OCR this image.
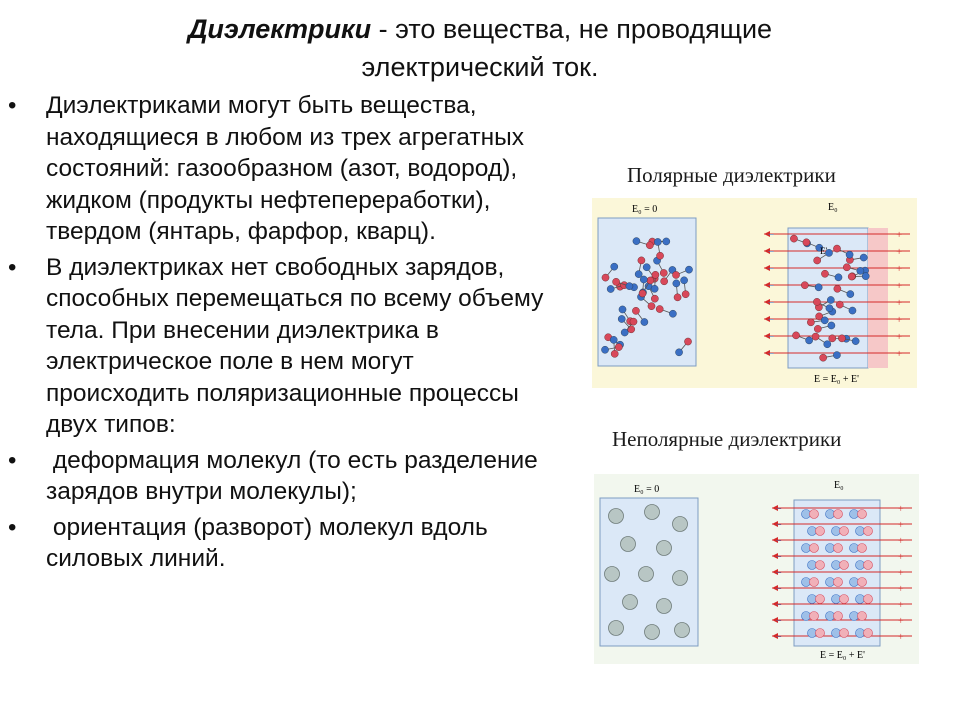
Диэлектрики - это вещества, не проводящие
электрический ток.
• Диэлектриками могут быть вещества, находящиеся в любом из трех агрегатных состояний: газообразном (азот, водород), жидком (продукты нефтепереработки), твердом (янтарь, фарфор, кварц).
• В диэлектриках нет свободных зарядов, способных перемещаться по всему объему тела. При внесении диэлектрика в электрическое поле в нем могут происходить поляризационные процессы двух типов:
• деформация молекул (то есть разделение зарядов внутри молекулы);
• ориентация (разворот) молекул вдоль силовых линий.
Полярные диэлектрики
E₀ = 0
+
−
+
−
+
−
+
−
+
−
+
−
+
−
+
−
E₀
E'
E = E₀ + E'
Неполярные диэлектрики
E₀ = 0
+
−
+
−
+
−
+
−
+
−
+
−
+
−
+
−
+
−
E₀
E = E₀ + E'
